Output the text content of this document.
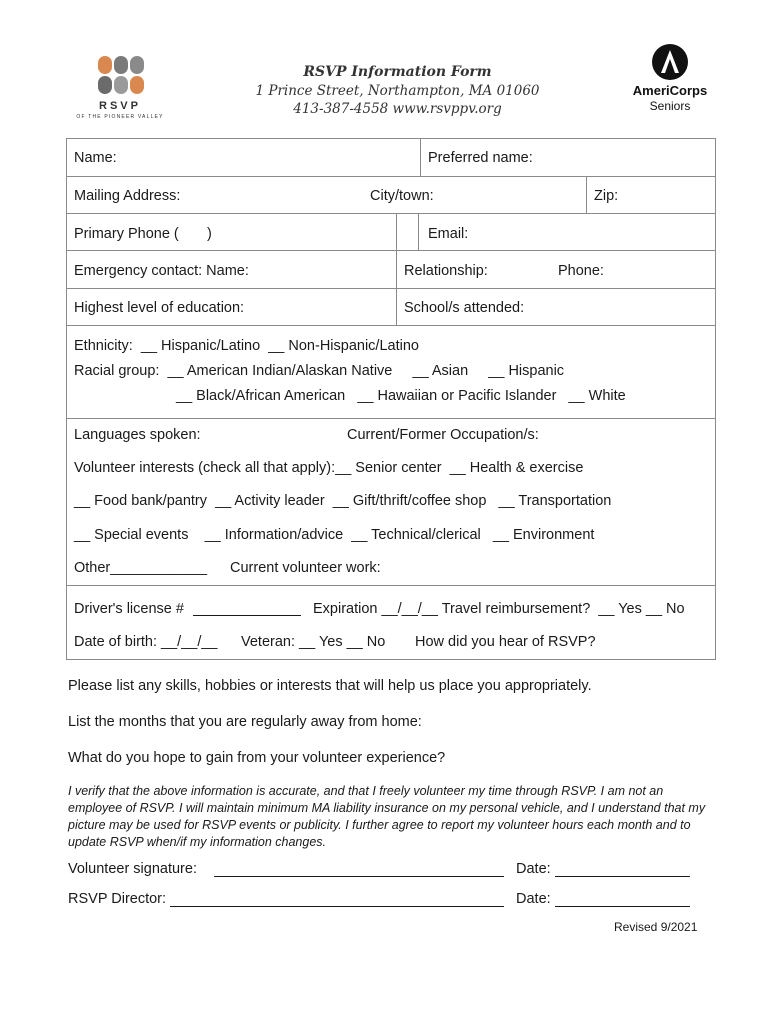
RSVP
OF THE PIONEER VALLEY
RSVP Information Form
1 Prince Street, Northampton, MA 01060
413-387-4558 www.rsvppv.org
AmeriCorps
Seniors
Name:	Preferred name:
Mailing Address:	City/town:	Zip:
Primary Phone (       )	Email:
Emergency contact: Name:	Relationship:	Phone:
Highest level of education:	School/s attended:
Ethnicity:  __ Hispanic/Latino  __ Non-Hispanic/Latino
Racial group:  __ American Indian/Alaskan Native     __ Asian     __ Hispanic
__ Black/African American   __ Hawaiian or Pacific Islander   __ White
Languages spoken:	Current/Former Occupation/s:
Volunteer interests (check all that apply):__ Senior center  __ Health & exercise
__ Food bank/pantry  __ Activity leader  __ Gift/thrift/coffee shop   __ Transportation
__ Special events    __ Information/advice  __ Technical/clerical   __ Environment
Other____________ Current volunteer work:
Driver's license #	Expiration __/__/__ Travel reimbursement?  __ Yes __ No
Date of birth: __/__/__ Veteran: __ Yes __ No How did you hear of RSVP?
Please list any skills, hobbies or interests that will help us place you appropriately.
List the months that you are regularly away from home:
What do you hope to gain from your volunteer experience?
I verify that the above information is accurate, and that I freely volunteer my time through RSVP. I am not an employee of RSVP. I will maintain minimum MA liability insurance on my personal vehicle, and I understand that my picture may be used for RSVP events or publicity. I further agree to report my volunteer hours each month and to update RSVP when/if my information changes.
Volunteer signature:	Date:
RSVP Director:	Date:
Revised 9/2021
